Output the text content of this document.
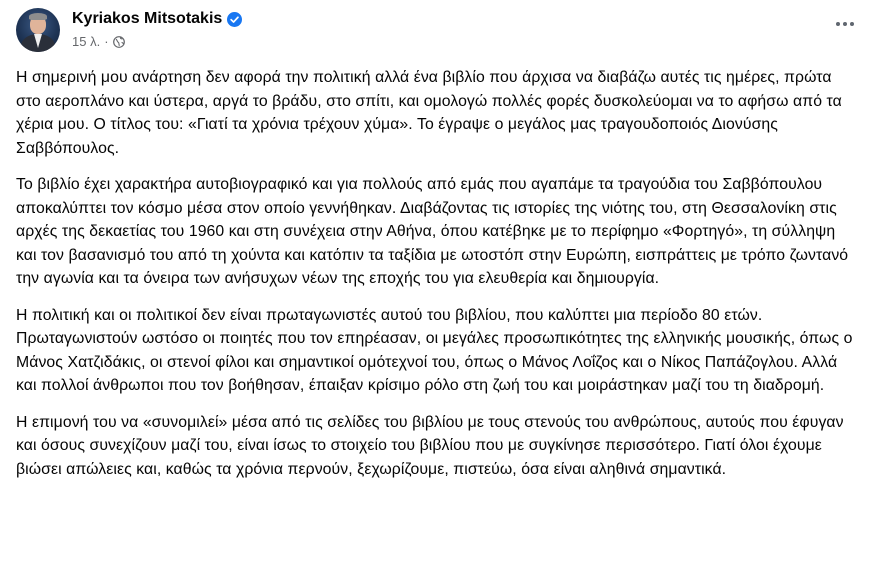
Kyriakos Mitsotakis
15 λ. ·

Η σημερινή μου ανάρτηση δεν αφορά την πολιτική αλλά ένα βιβλίο που άρχισα να διαβάζω αυτές τις ημέρες, πρώτα στο αεροπλάνο και ύστερα, αργά το βράδυ, στο σπίτι, και ομολογώ πολλές φορές δυσκολεύομαι να το αφήσω από τα χέρια μου. Ο τίτλος του: «Γιατί τα χρόνια τρέχουν χύμα». Το έγραψε ο μεγάλος μας τραγουδοποιός Διονύσης Σαββόπουλος.

Το βιβλίο έχει χαρακτήρα αυτοβιογραφικό και για πολλούς από εμάς που αγαπάμε τα τραγούδια του Σαββόπουλου αποκαλύπτει τον κόσμο μέσα στον οποίο γεννήθηκαν. Διαβάζοντας τις ιστορίες της νιότης του, στη Θεσσαλονίκη στις αρχές της δεκαετίας του 1960 και στη συνέχεια στην Αθήνα, όπου κατέβηκε με το περίφημο «Φορτηγό», τη σύλληψη και τον βασανισμό του από τη χούντα και κατόπιν τα ταξίδια με ωτοστόπ στην Ευρώπη, εισπράττεις με τρόπο ζωντανό την αγωνία και τα όνειρα των ανήσυχων νέων της εποχής του για ελευθερία και δημιουργία.

Η πολιτική και οι πολιτικοί δεν είναι πρωταγωνιστές αυτού του βιβλίου, που καλύπτει μια περίοδο 80 ετών. Πρωταγωνιστούν ωστόσο οι ποιητές που τον επηρέασαν, οι μεγάλες προσωπικότητες της ελληνικής μουσικής, όπως ο Μάνος Χατζιδάκις, οι στενοί φίλοι και σημαντικοί ομότεχνοί του, όπως ο Μάνος Λοΐζος και ο Νίκος Παπάζογλου. Αλλά και πολλοί άνθρωποι που τον βοήθησαν, έπαιξαν κρίσιμο ρόλο στη ζωή του και μοιράστηκαν μαζί του τη διαδρομή.

Η επιμονή του να «συνομιλεί» μέσα από τις σελίδες του βιβλίου με τους στενούς του ανθρώπους, αυτούς που έφυγαν και όσους συνεχίζουν μαζί του, είναι ίσως το στοιχείο του βιβλίου που με συγκίνησε περισσότερο. Γιατί όλοι έχουμε βιώσει απώλειες και, καθώς τα χρόνια περνούν, ξεχωρίζουμε, πιστεύω, όσα είναι αληθινά σημαντικά.
